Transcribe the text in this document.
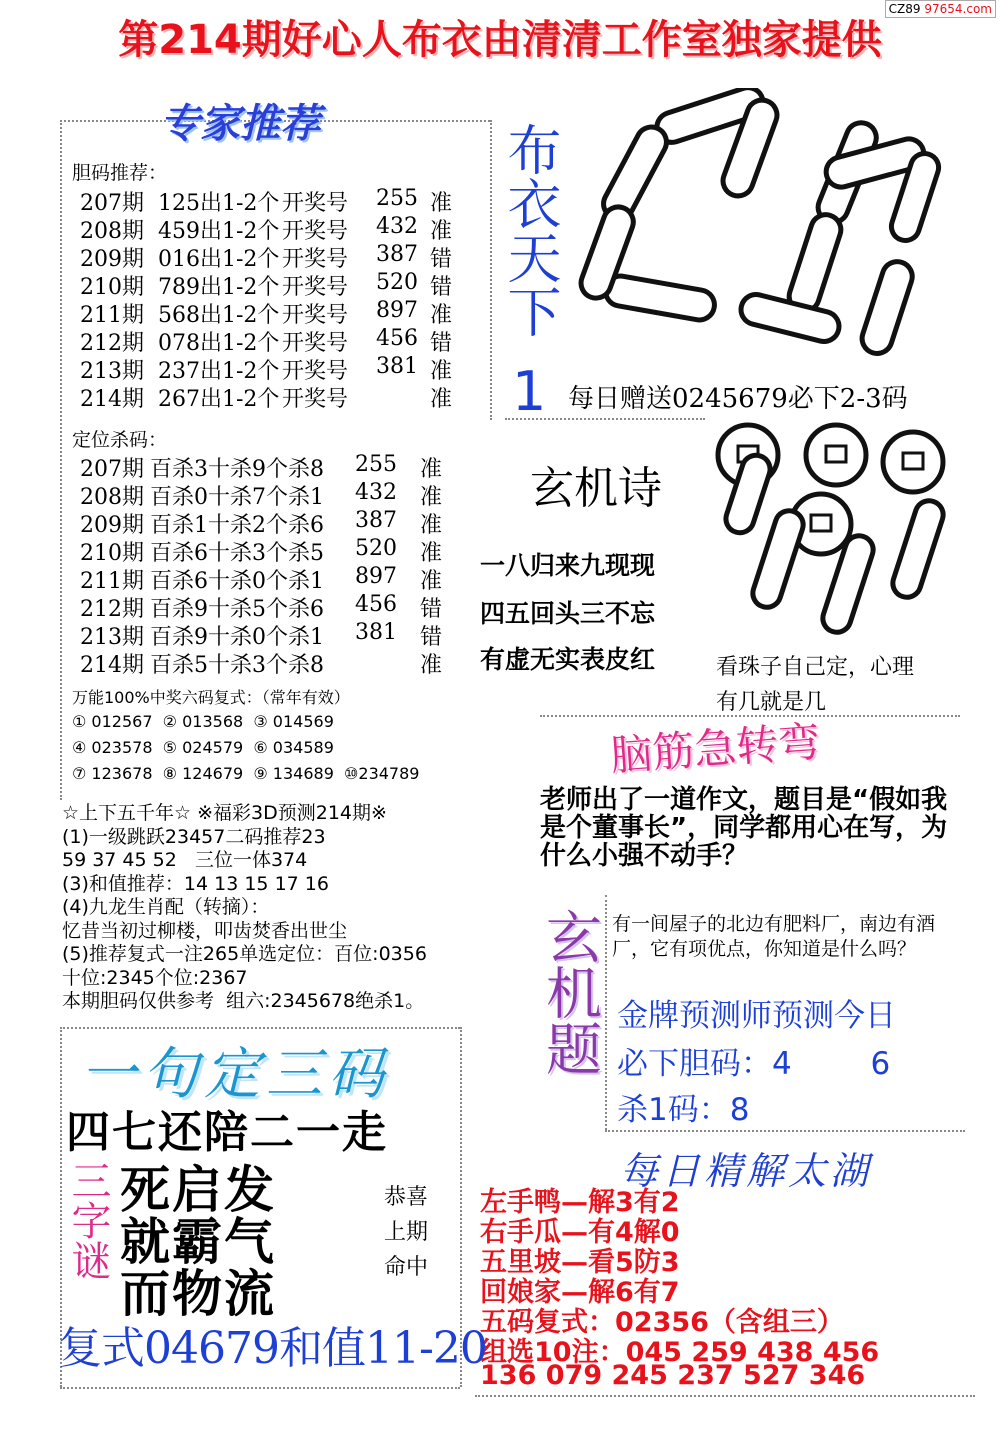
第214期好心人布衣由清清工作室独家提供
CZ89 97654.com
专家推荐
胆码推荐：
207期 125出1-2个 开奖号 255 准
208期 459出1-2个 开奖号 432 准
209期 016出1-2个 开奖号 387 错
210期 789出1-2个 开奖号 520 错
211期 568出1-2个 开奖号 897 准
212期 078出1-2个 开奖号 456 错
213期 237出1-2个 开奖号 381 准
214期 267出1-2个 开奖号	准
定位杀码：
207期 百杀3十杀9个杀8 255 准
208期 百杀0十杀7个杀1 432 准
209期 百杀1十杀2个杀6 387 准
210期 百杀6十杀3个杀5 520 准
211期 百杀6十杀0个杀1 897 准
212期 百杀9十杀5个杀6 456 错
213期 百杀9十杀0个杀1 381 错
214期 百杀5十杀3个杀8	准
万能100%中奖六码复式：（常年有效）
① 012567  ② 013568  ③ 014569
④ 023578  ⑤ 024579  ⑥ 034589
⑦ 123678  ⑧ 124679  ⑨ 134689  ⑩234789
布衣天下
1 每日赠送0245679必下2-3码
玄机诗
一八归来九现现
四五回头三不忘
有虚无实表皮红	看珠子自己定，心理
有几就是几
脑筋急转弯
老师出了一道作文，题目是“假如我是个董事长”，同学都用心在写，为什么小强不动手？
☆上下五千年☆ ※福彩3D预测214期※
(1)一级跳跃23457二码推荐23
59 37 45 52   三位一体374
(3)和值推荐：14 13 15 17 16
(4)九龙生肖配（转摘）：
忆昔当初过柳楼，叩齿焚香出世尘
(5)推荐复式一注265单选定位：百位:0356
十位:2345个位:2367
本期胆码仅供参考  组六:2345678绝杀1。 玄机题 有一间屋子的北边有肥料厂，南边有酒厂，它有项优点，你知道是什么吗？
金牌预测师预测今日
必下胆码：4        6
杀1码：8
每日精解太湖
左手鸭—解3有2
右手瓜—有4解0
五里坡—看5防3
回娘家—解6有7
五码复式：02356（含组三）
组选10注：045 259 438 456
136 079 245 237 527 346
一句定三码
四七还陪二一走
三字谜 死启发
就霸气
而物流
恭喜
上期
命中
复式04679和值11-20
